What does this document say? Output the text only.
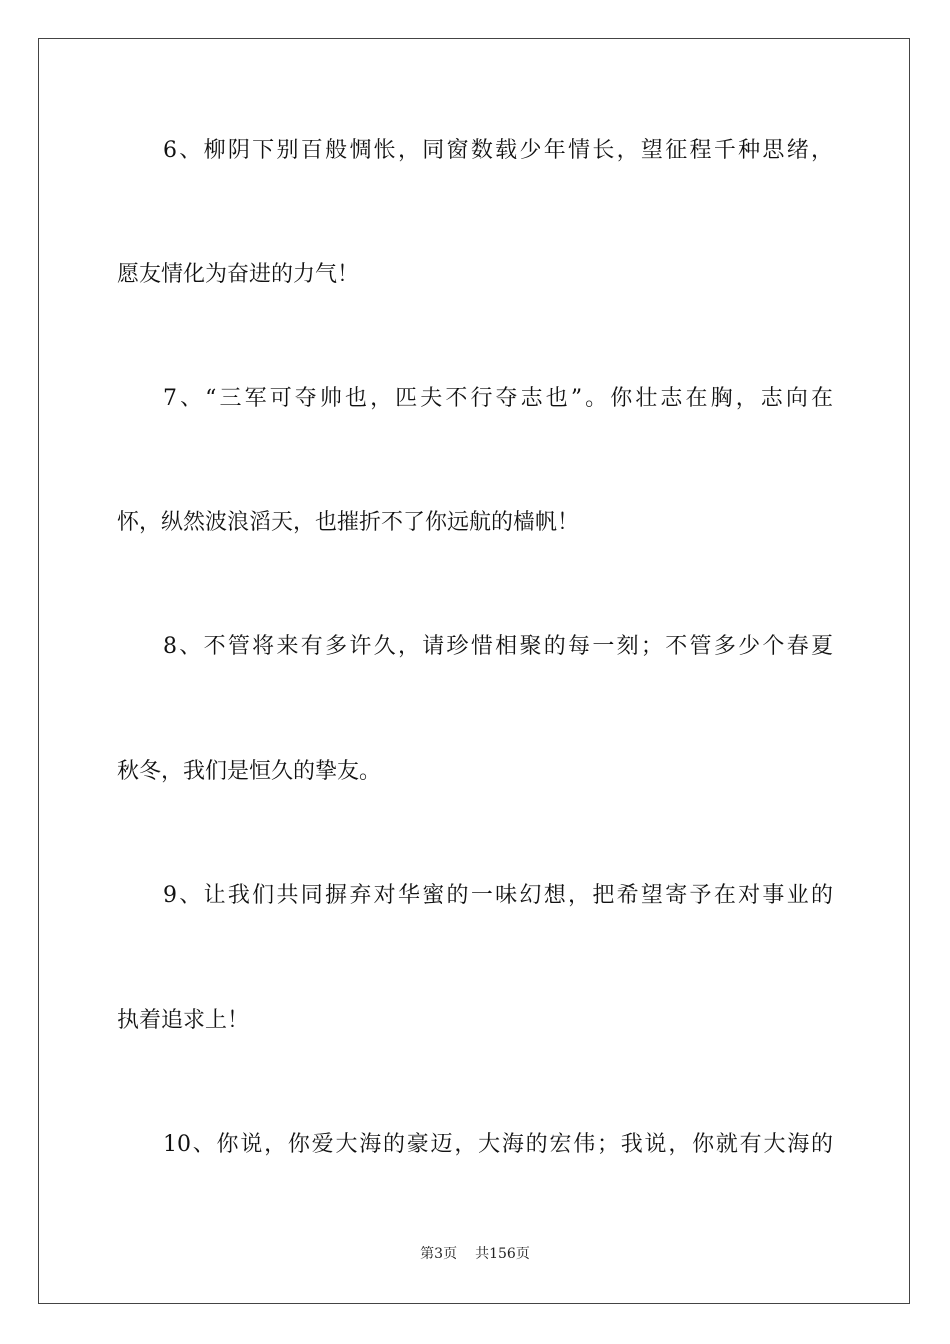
6、柳阴下别百般惆怅，同窗数载少年情长，望征程千种思绪，
愿友情化为奋进的力气！
7、“三军可夺帅也，匹夫不行夺志也”。你壮志在胸，志向在
怀，纵然波浪滔天，也摧折不了你远航的樯帆！
8、不管将来有多许久，请珍惜相聚的每一刻；不管多少个春夏
秋冬，我们是恒久的挚友。
9、让我们共同摒弃对华蜜的一味幻想，把希望寄予在对事业的
执着追求上！
10、你说，你爱大海的豪迈，大海的宏伟；我说，你就有大海的
第3页 共156页
